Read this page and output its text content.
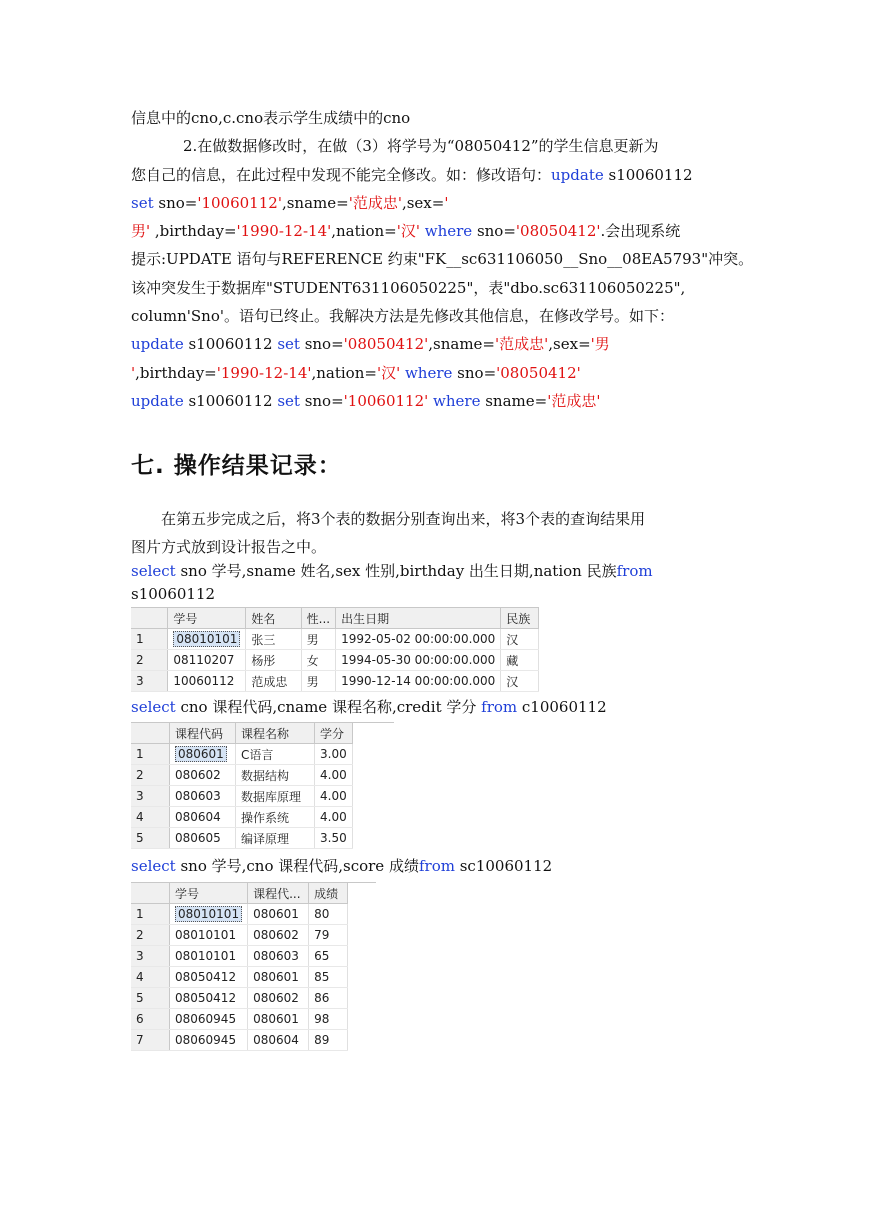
信息中的cno,c.cno表示学生成绩中的cno
2.在做数据修改时，在做（3）将学号为“08050412”的学生信息更新为
您自己的信息，在此过程中发现不能完全修改。如：修改语句：update s10060112
set sno='10060112',sname='范成忠',sex='
男' ,birthday='1990-12-14',nation='汉' where sno='08050412'.会出现系统
提示:UPDATE 语句与REFERENCE 约束"FK__sc631106050__Sno__08EA5793"冲突。
该冲突发生于数据库"STUDENT631106050225"，表"dbo.sc631106050225",
column'Sno'。语句已终止。我解决方法是先修改其他信息，在修改学号。如下：
update s10060112 set sno='08050412',sname='范成忠',sex='男
',birthday='1990-12-14',nation='汉' where sno='08050412'
update s10060112 set sno='10060112' where sname='范成忠'
七. 操作结果记录：
在第五步完成之后，将3个表的数据分别查询出来，将3个表的查询结果用
图片方式放到设计报告之中。
select sno 学号,sname 姓名,sex 性别,birthday 出生日期,nation 民族from
s10060112
	学号	姓名	性...	出生日期	民族
1	08010101	张三	男	1992-05-02 00:00:00.000	汉
2	08110207	杨彤	女	1994-05-30 00:00:00.000	藏
3	10060112	范成忠	男	1990-12-14 00:00:00.000	汉
select cno 课程代码,cname 课程名称,credit 学分 from c10060112
	课程代码	课程名称	学分
1	080601	C语言	3.00
2	080602	数据结构	4.00
3	080603	数据库原理	4.00
4	080604	操作系统	4.00
5	080605	编译原理	3.50
select sno 学号,cno 课程代码,score 成绩from sc10060112
	学号	课程代...	成绩
1	08010101	080601	80
2	08010101	080602	79
3	08010101	080603	65
4	08050412	080601	85
5	08050412	080602	86
6	08060945	080601	98
7	08060945	080604	89
